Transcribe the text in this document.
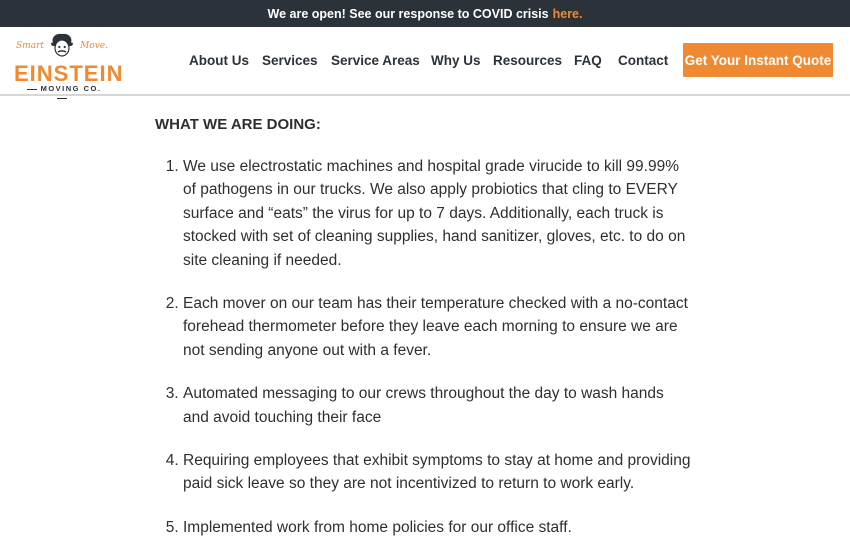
We are open! See our response to COVID crisis here.
Smart	Move.
EINSTEIN
MOVING CO.
About Us Services Service Areas Why Us Resources FAQ Contact Get Your Instant Quote

WHAT WE ARE DOING:

1. We use electrostatic machines and hospital grade virucide to kill 99.99% of pathogens in our trucks. We also apply probiotics that cling to EVERY surface and “eats” the virus for up to 7 days. Additionally, each truck is stocked with set of cleaning supplies, hand sanitizer, gloves, etc. to do on site cleaning if needed.
2. Each mover on our team has their temperature checked with a no-contact forehead thermometer before they leave each morning to ensure we are not sending anyone out with a fever.
3. Automated messaging to our crews throughout the day to wash hands and avoid touching their face
4. Requiring employees that exhibit symptoms to stay at home and providing paid sick leave so they are not incentivized to return to work early.
5. Implemented work from home policies for our office staff.
